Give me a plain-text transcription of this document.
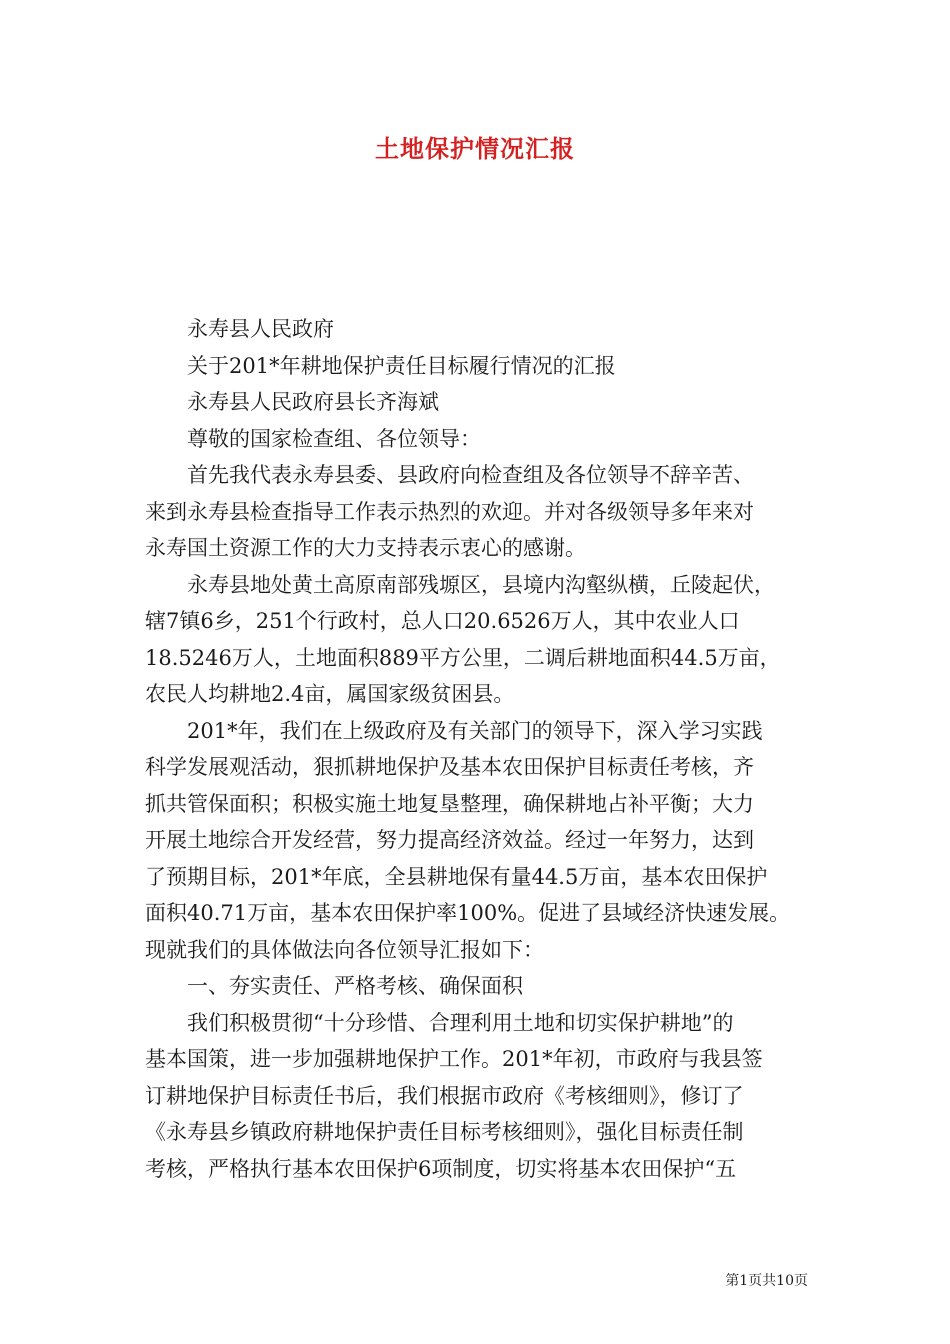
土地保护情况汇报

永寿县人民政府

关于201*年耕地保护责任目标履行情况的汇报

永寿县人民政府县长齐海斌

尊敬的国家检查组、各位领导：

首先我代表永寿县委、县政府向检查组及各位领导不辞辛苦、
来到永寿县检查指导工作表示热烈的欢迎。并对各级领导多年来对
永寿国土资源工作的大力支持表示衷心的感谢。

永寿县地处黄土高原南部残塬区，县境内沟壑纵横，丘陵起伏，
辖7镇6乡，251个行政村，总人口20.6526万人，其中农业人口
18.5246万人，土地面积889平方公里，二调后耕地面积44.5万亩，
农民人均耕地2.4亩，属国家级贫困县。

201*年，我们在上级政府及有关部门的领导下，深入学习实践
科学发展观活动，狠抓耕地保护及基本农田保护目标责任考核，齐
抓共管保面积；积极实施土地复垦整理，确保耕地占补平衡；大力
开展土地综合开发经营，努力提高经济效益。经过一年努力，达到
了预期目标，201*年底，全县耕地保有量44.5万亩，基本农田保护
面积40.71万亩，基本农田保护率100%。促进了县域经济快速发展。
现就我们的具体做法向各位领导汇报如下：

一、夯实责任、严格考核、确保面积

我们积极贯彻“十分珍惜、合理利用土地和切实保护耕地”的
基本国策，进一步加强耕地保护工作。201*年初，市政府与我县签
订耕地保护目标责任书后，我们根据市政府《考核细则》，修订了
《永寿县乡镇政府耕地保护责任目标考核细则》，强化目标责任制
考核，严格执行基本农田保护6项制度，切实将基本农田保护“五

第1页共10页
